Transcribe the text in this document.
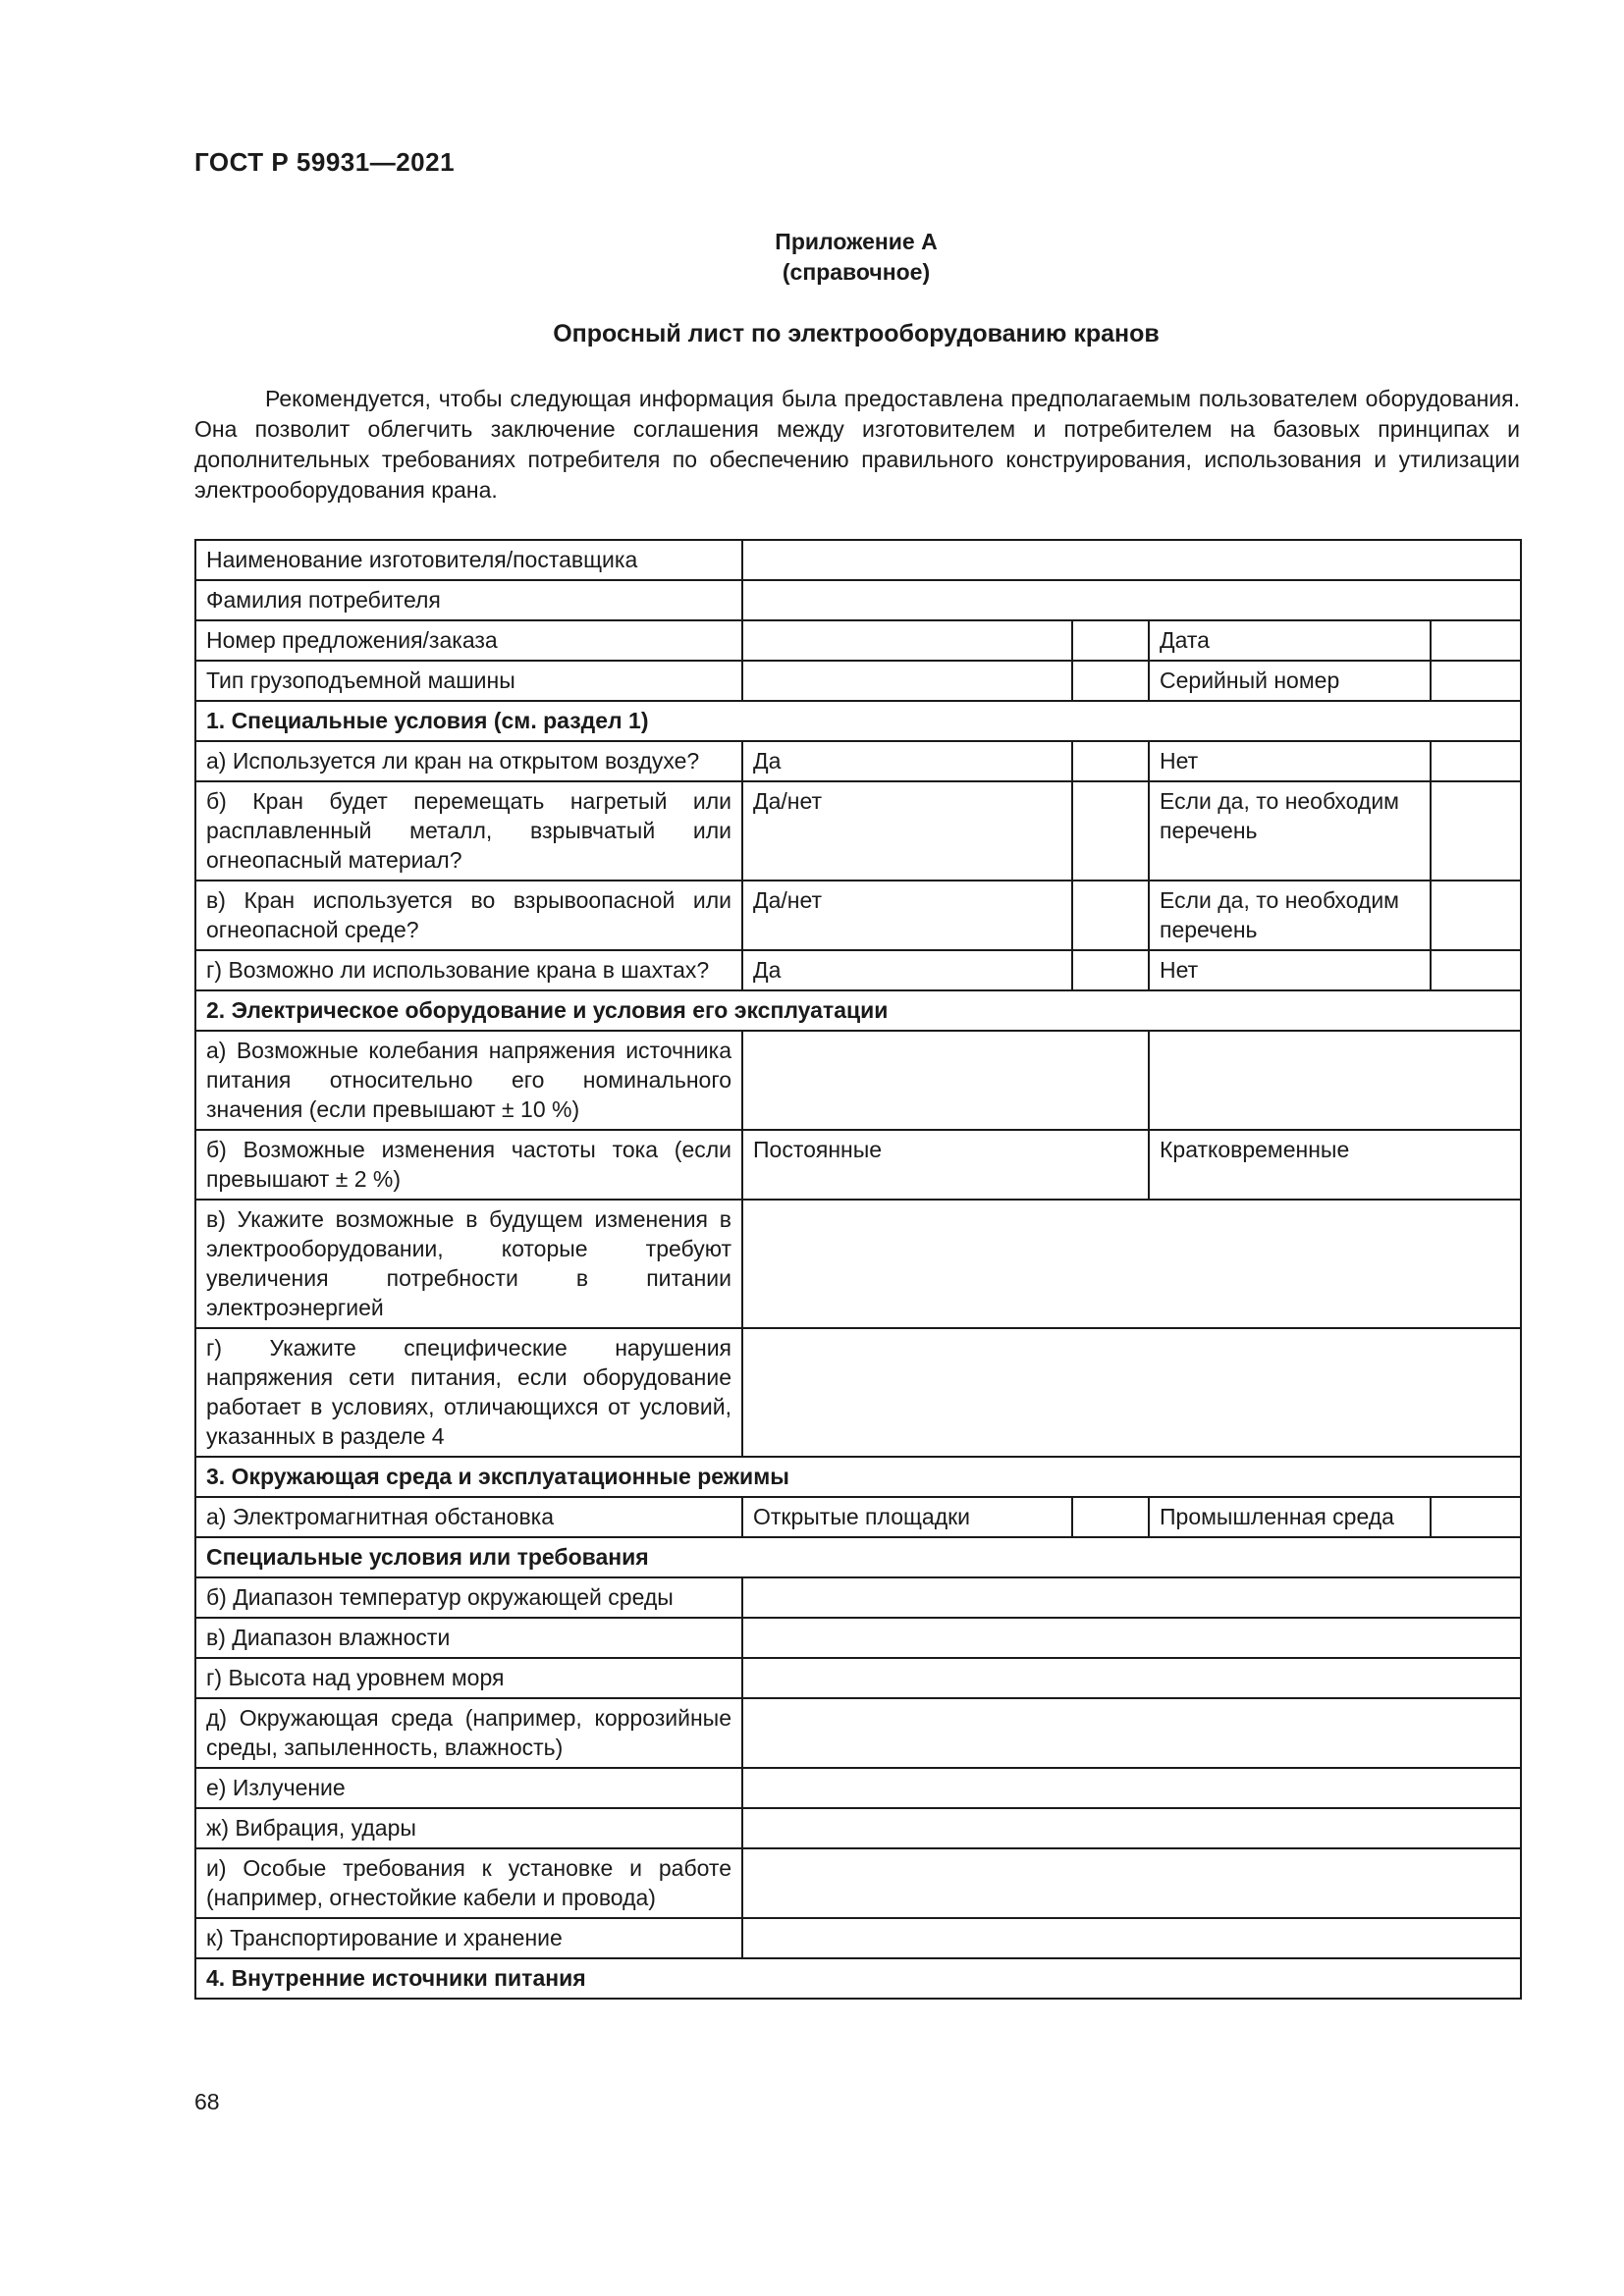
ГОСТ Р 59931—2021
Приложение А
(справочное)
Опросный лист по электрооборудованию кранов

Рекомендуется, чтобы следующая информация была предоставлена предполагаемым пользователем оборудования. Она позволит облегчить заключение соглашения между изготовителем и потребителем на базовых принципах и дополнительных требованиях потребителя по обеспечению правильного конструирования, использования и утилизации электрооборудования крана.

Наименование изготовителя/поставщика				
Фамилия потребителя				
Номер предложения/заказа			Дата	
Тип грузоподъемной машины			Серийный номер	
1. Специальные условия (см. раздел 1)				
а) Используется ли кран на открытом воздухе?	Да		Нет	
б) Кран будет перемещать нагретый или расплавленный металл, взрывчатый или огнеопасный материал?	Да/нет		Если да, то необходим перечень	
в) Кран используется во взрывоопасной или огнеопасной среде?	Да/нет		Если да, то необходим перечень	
г) Возможно ли использование крана в шахтах?	Да		Нет	
2. Электрическое оборудование и условия его эксплуатации				
а) Возможные колебания напряжения источника питания относительно его номинального значения (если превышают ± 10 %)				
б) Возможные изменения частоты тока (если превышают ± 2 %)	Постоянные		Кратковременные	
в) Укажите возможные в будущем изменения в электрооборудовании, которые требуют увеличения потребности в питании электроэнергией				
г) Укажите специфические нарушения напряжения сети питания, если оборудование работает в условиях, отличающихся от условий, указанных в разделе 4				
3. Окружающая среда и эксплуатационные режимы				
а) Электромагнитная обстановка	Открытые площадки		Промышленная среда	
Специальные условия или требования				
б) Диапазон температур окружающей среды				
в) Диапазон влажности				
г) Высота над уровнем моря				
д) Окружающая среда (например, коррозийные среды, запыленность, влажность)				
е) Излучение				
ж) Вибрация, удары				
и) Особые требования к установке и работе (например, огнестойкие кабели и провода)				
к) Транспортирование и хранение				
4. Внутренние источники питания				
68
